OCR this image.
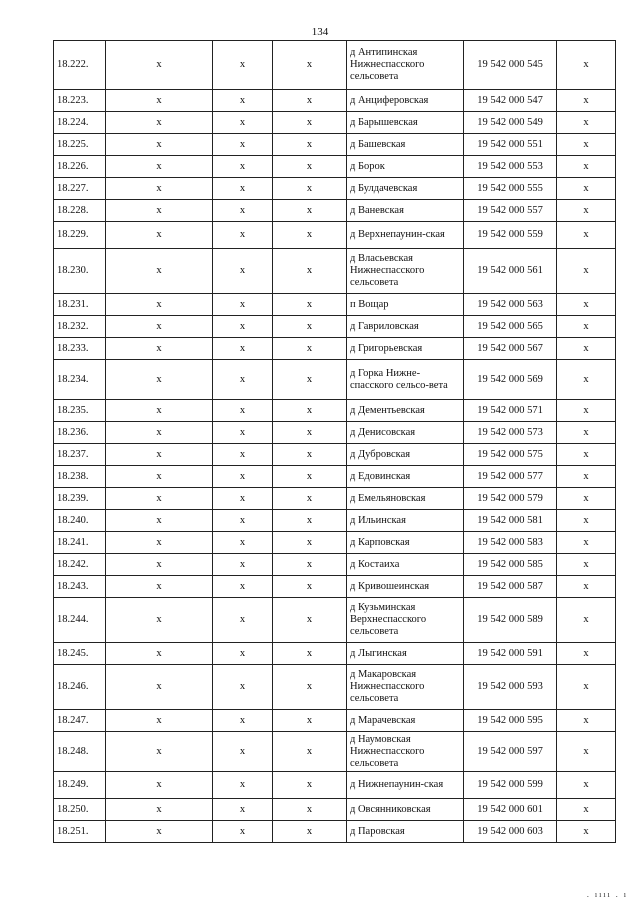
134
18.222.	х	х	х	д Антипинская Нижнеспасского сельсовета	19 542 000 545	х
18.223.	х	х	х	д Анциферовская	19 542 000 547	х
18.224.	х	х	х	д Барышевская	19 542 000 549	х
18.225.	х	х	х	д Башевская	19 542 000 551	х
18.226.	х	х	х	д Борок	19 542 000 553	х
18.227.	х	х	х	д Булдачевская	19 542 000 555	х
18.228.	х	х	х	д Ваневская	19 542 000 557	х
18.229.	х	х	х	д Верхнепаунин-ская	19 542 000 559	х
18.230.	х	х	х	д Власьевская Нижнеспасского сельсовета	19 542 000 561	х
18.231.	х	х	х	п Вощар	19 542 000 563	х
18.232.	х	х	х	д Гавриловская	19 542 000 565	х
18.233.	х	х	х	д Григорьевская	19 542 000 567	х
18.234.	х	х	х	д Горка Нижне-спасского сельсо-вета	19 542 000 569	х
18.235.	х	х	х	д Дементьевская	19 542 000 571	х
18.236.	х	х	х	д Денисовская	19 542 000 573	х
18.237.	х	х	х	д Дубровская	19 542 000 575	х
18.238.	х	х	х	д Едовинская	19 542 000 577	х
18.239.	х	х	х	д Емельяновская	19 542 000 579	х
18.240.	х	х	х	д Ильинская	19 542 000 581	х
18.241.	х	х	х	д Карповская	19 542 000 583	х
18.242.	х	х	х	д Костаиха	19 542 000 585	х
18.243.	х	х	х	д Кривошеинская	19 542 000 587	х
18.244.	х	х	х	д Кузьминская Верхнеспасского сельсовета	19 542 000 589	х
18.245.	х	х	х	д Лыгинская	19 542 000 591	х
18.246.	х	х	х	д Макаровская Нижнеспасского сельсовета	19 542 000 593	х
18.247.	х	х	х	д Марачевская	19 542 000 595	х
18.248.	х	х	х	д Наумовская Нижнеспасского сельсовета	19 542 000 597	х
18.249.	х	х	х	д Нижнепаунин-ская	19 542 000 599	х
18.250.	х	х	х	д Овсянниковская	19 542 000 601	х
18.251.	х	х	х	д Паровская	19 542 000 603	х
. ıııı . ı
